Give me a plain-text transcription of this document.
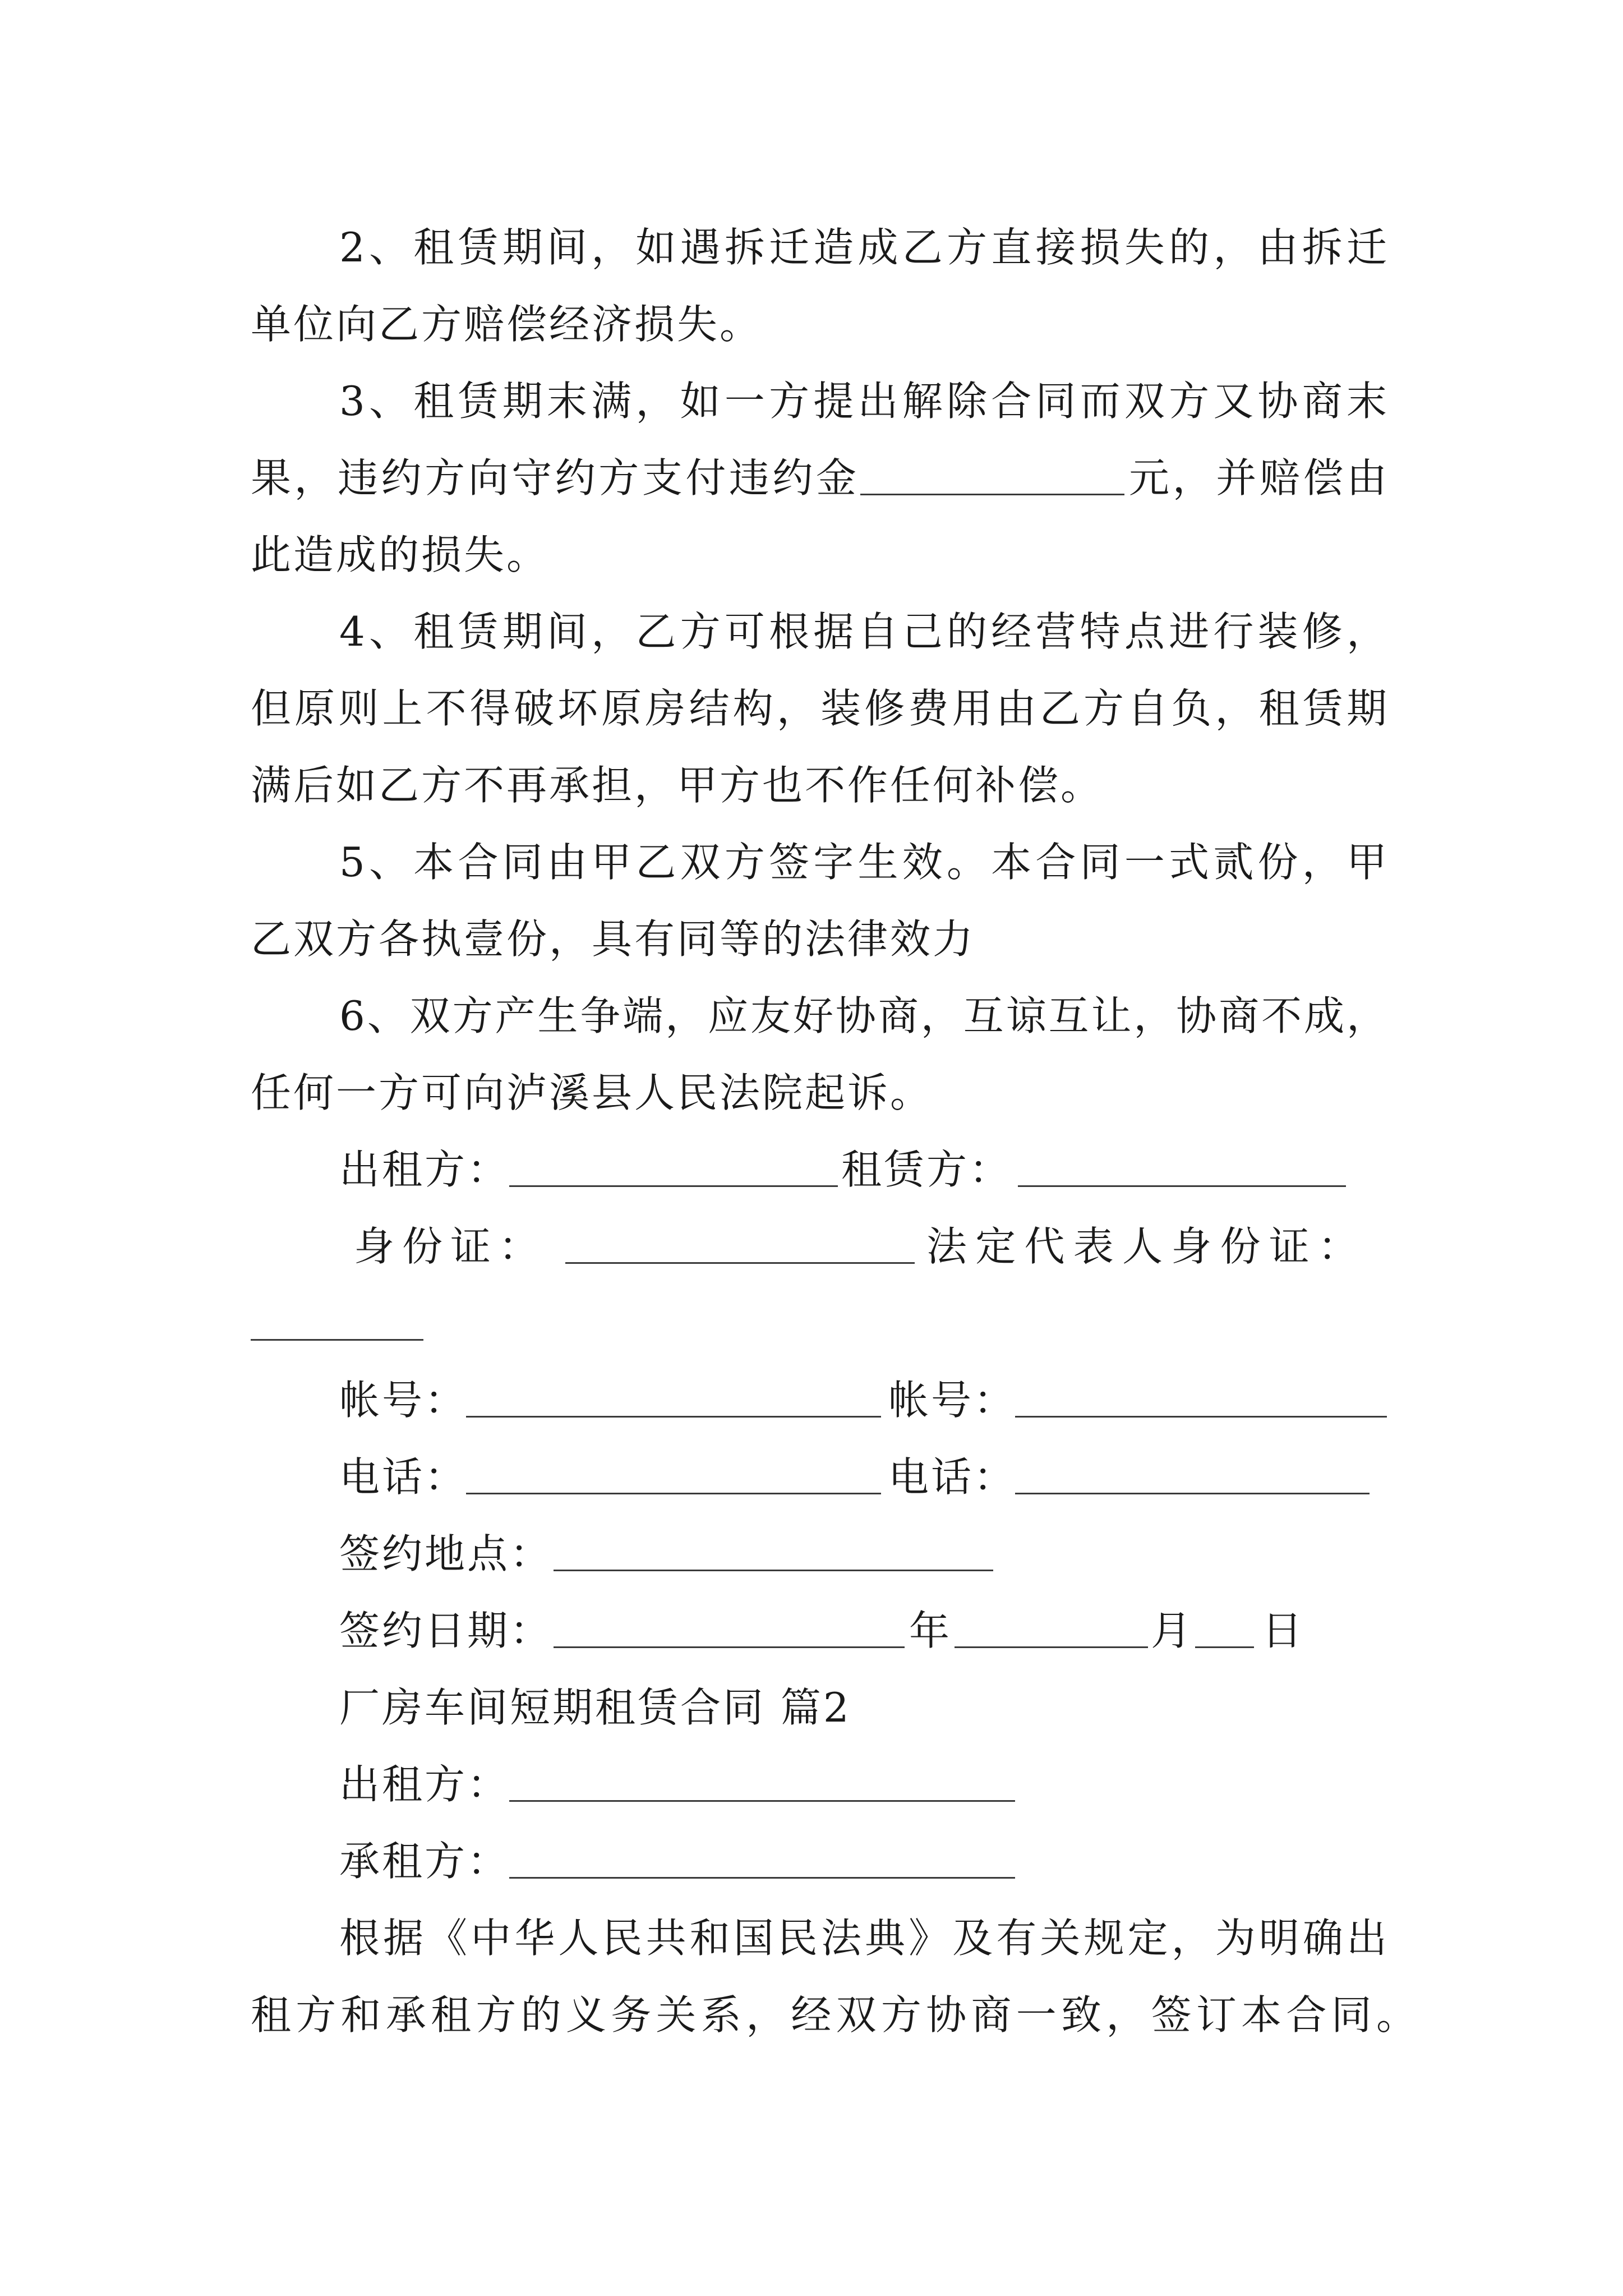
2、租赁期间，如遇拆迁造成乙方直接损失的，由拆迁
单位向乙方赔偿经济损失。
3、租赁期末满，如一方提出解除合同而双方又协商末
果，违约方向守约方支付违约金	元，并赔偿由
此造成的损失。
4、租赁期间，乙方可根据自己的经营特点进行装修，
但原则上不得破坏原房结构，装修费用由乙方自负，租赁期
满后如乙方不再承担，甲方也不作任何补偿。
5、本合同由甲乙双方签字生效。本合同一式贰份，甲
乙双方各执壹份，具有同等的法律效力
6、双方产生争端，应友好协商，互谅互让，协商不成，
任何一方可向泸溪县人民法院起诉。
出租方：	租赁方：
身份证：	法定代表人身份证：
帐号：	帐号：
电话：	电话：
签约地点：
签约日期：	年	月 日
厂房车间短期租赁合同 篇2
出租方：
承租方：
根据《中华人民共和国民法典》及有关规定，为明确出
租方和承租方的义务关系，经双方协商一致，签订本合同。
